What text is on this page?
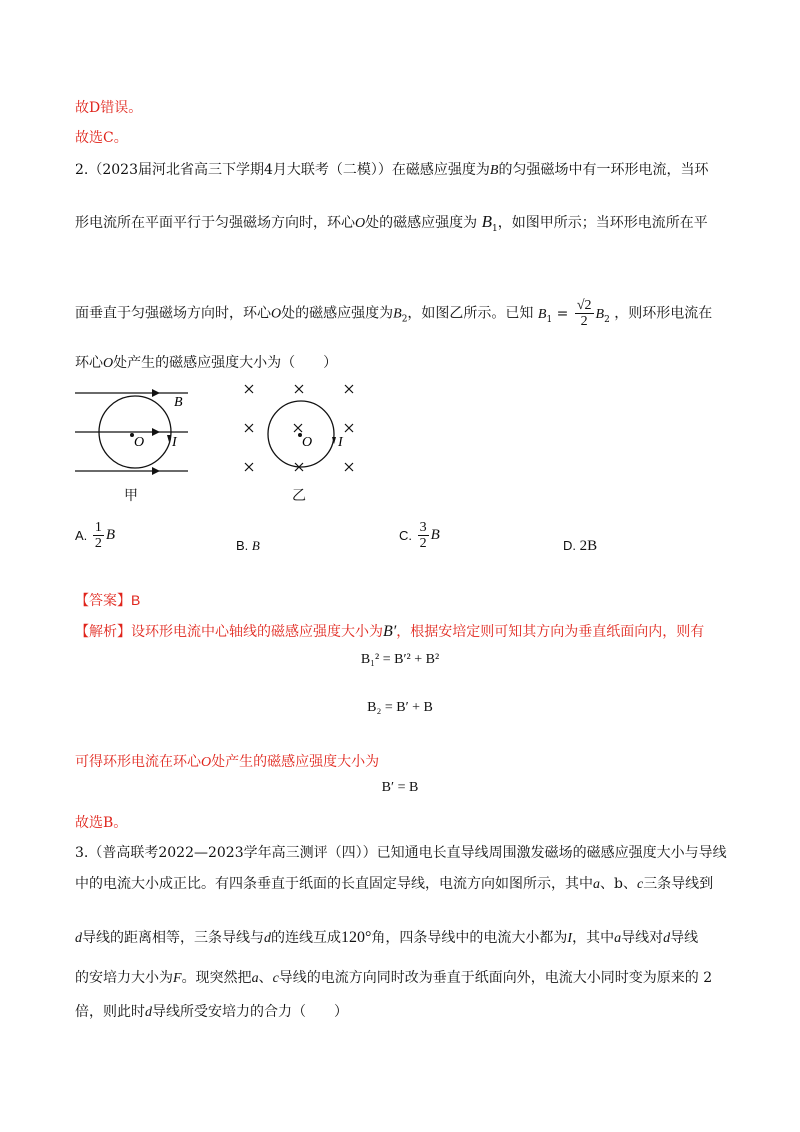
故D错误。
故选C。
2.（2023届河北省高三下学期4月大联考（二模））在磁感应强度为B的匀强磁场中有一环形电流，当环
形电流所在平面平行于匀强磁场方向时，环心O处的磁感应强度为 $B_1$，如图甲所示；当环形电流所在平
面垂直于匀强磁场方向时，环心O处的磁感应强度为$B_2$，如图乙所示。已知 $B_1 = \frac{√2}{2} B_2$ ，则环形电流在
环心O处产生的磁感应强度大小为（　　）
B
O I
甲
O I
乙
A. $\frac{1}{2}$ B
B. B
C. $\frac{3}{2}$ B
D. 2B
【答案】B
【解析】设环形电流中心轴线的磁感应强度大小为B′，根据安培定则可知其方向为垂直纸面向内，则有
B₁² = B′² + B²
B₂ = B′ + B
可得环形电流在环心O处产生的磁感应强度大小为
B′ = B
故选B。
3.（普高联考2022—2023学年高三测评（四））已知通电长直导线周围激发磁场的磁感应强度大小与导线
中的电流大小成正比。有四条垂直于纸面的长直固定导线，电流方向如图所示，其中a、b、c三条导线到
d导线的距离相等，三条导线与d的连线互成120°角，四条导线中的电流大小都为I，其中a导线对d导线
的安培力大小为F。现突然把a、c导线的电流方向同时改为垂直于纸面向外，电流大小同时变为原来的 2
倍，则此时d导线所受安培力的合力（　　）
